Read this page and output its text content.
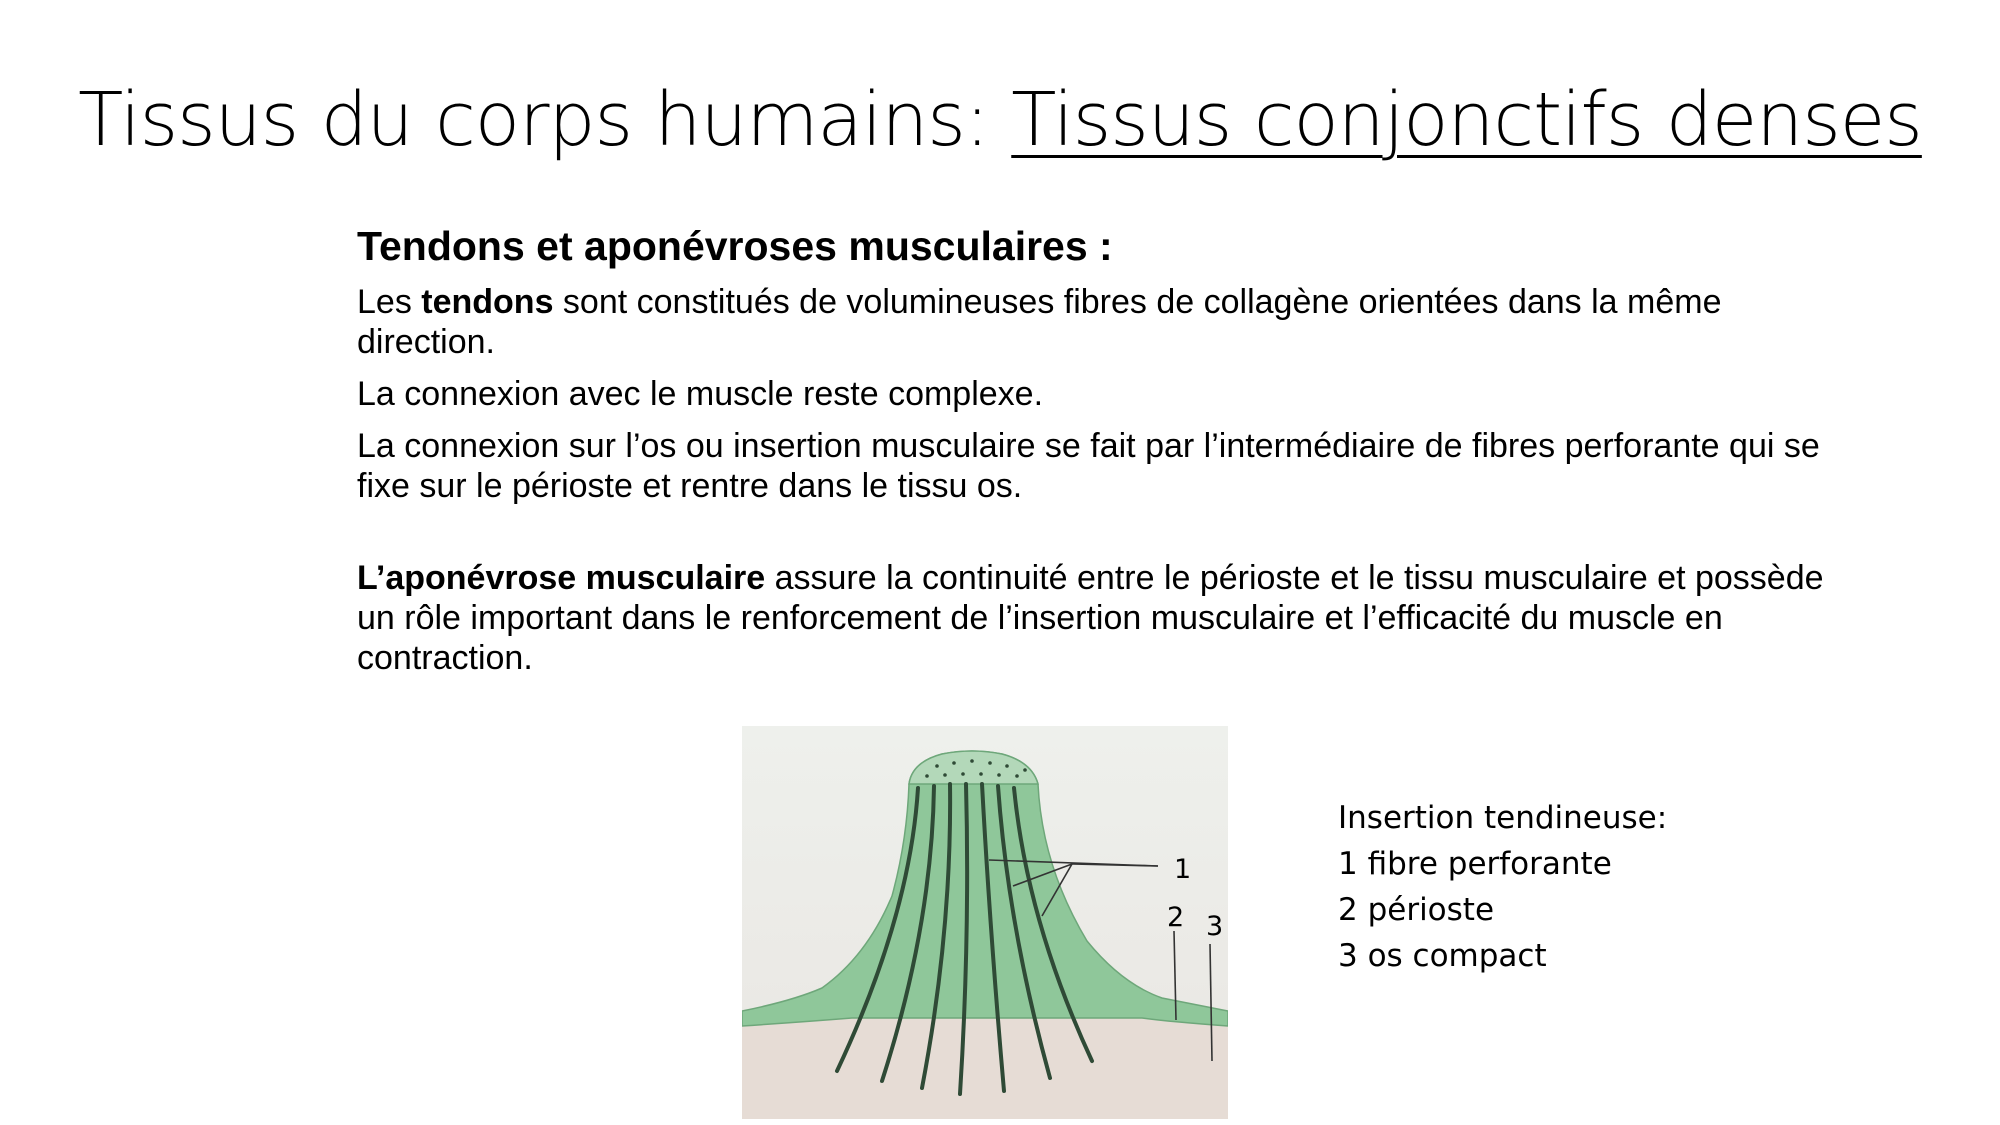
Tissus du corps humains: Tissus conjonctifs denses
Tendons et aponévroses musculaires :
Les tendons sont constitués de volumineuses fibres de collagène orientées dans la même direction.
La connexion avec le muscle reste complexe.
La connexion sur l’os ou insertion musculaire se fait par l’intermédiaire de fibres perforante qui se fixe sur le périoste et rentre dans le tissu os.
L’aponévrose musculaire assure la continuité entre le périoste et le tissu musculaire et possède un rôle important dans le renforcement de l’insertion musculaire et l’efficacité du muscle en contraction.
1
2 3
Insertion tendineuse:
1 fibre perforante
2 périoste
3 os compact
